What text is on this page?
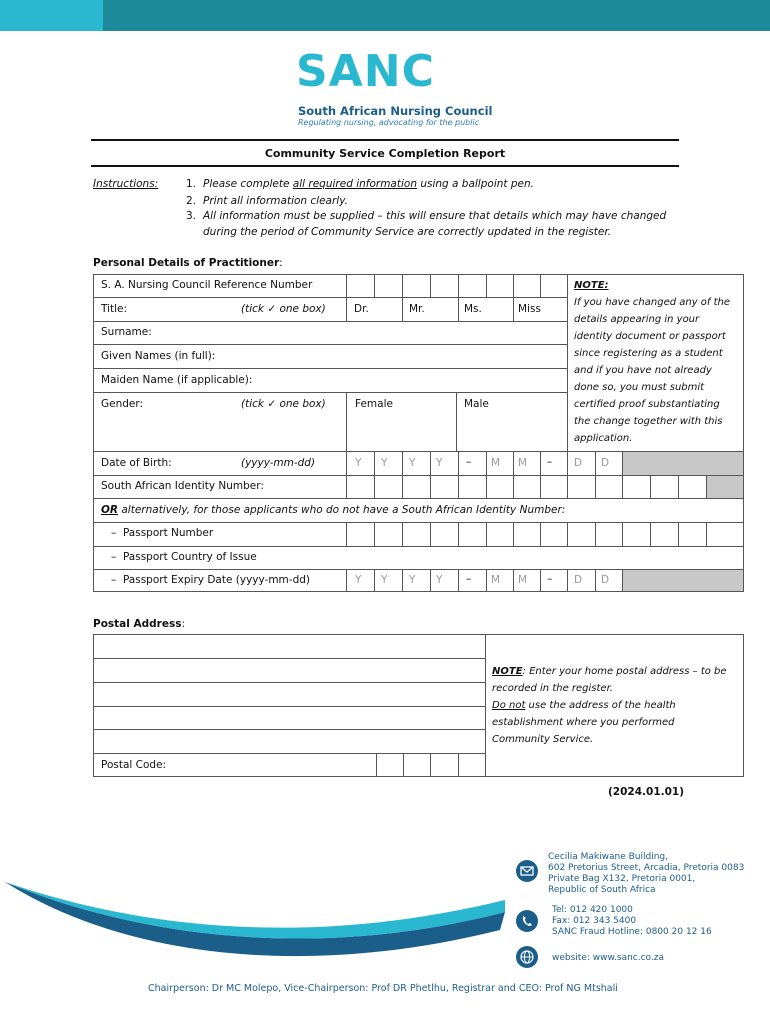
SANC
South African Nursing Council
Regulating nursing, advocating for the public
Community Service Completion Report
Instructions:	1. Please complete all required information using a ballpoint pen.
2. Print all information clearly.
3. All information must be supplied – this will ensure that details which may have changed
during the period of Community Service are correctly updated in the register.
Personal Details of Practitioner:
S. A. Nursing Council Reference Number
Title:	(tick ✓ one box)	Dr.	Mr.	Ms.	Miss
Surname:
Given Names (in full):
Maiden Name (if applicable):
Gender:	(tick ✓ one box)	Female	Male
NOTE:
If you have changed any of the
details appearing in your
identity document or passport
since registering as a student
and if you have not already
done so, you must submit
certified proof substantiating
the change together with this
application.
Date of Birth:	(yyyy-mm-dd)	Y Y Y Y – M M – D D
South African Identity Number:
OR alternatively, for those applicants who do not have a South African Identity Number:
– Passport Number
– Passport Country of Issue
– Passport Expiry Date (yyyy-mm-dd)	Y Y Y Y – M M – D D
Postal Address:
Postal Code:
NOTE: Enter your home postal address – to be
recorded in the register.
Do not use the address of the health
establishment where you performed
Community Service.
(2024.01.01)
Cecilia Makiwane Building,
602 Pretorius Street, Arcadia, Pretoria 0083
Private Bag X132, Pretoria 0001,
Republic of South Africa
Tel: 012 420 1000
Fax: 012 343 5400
SANC Fraud Hotline: 0800 20 12 16
website: www.sanc.co.za
Chairperson: Dr MC Molepo, Vice-Chairperson: Prof DR Phetlhu, Registrar and CEO: Prof NG Mtshali
